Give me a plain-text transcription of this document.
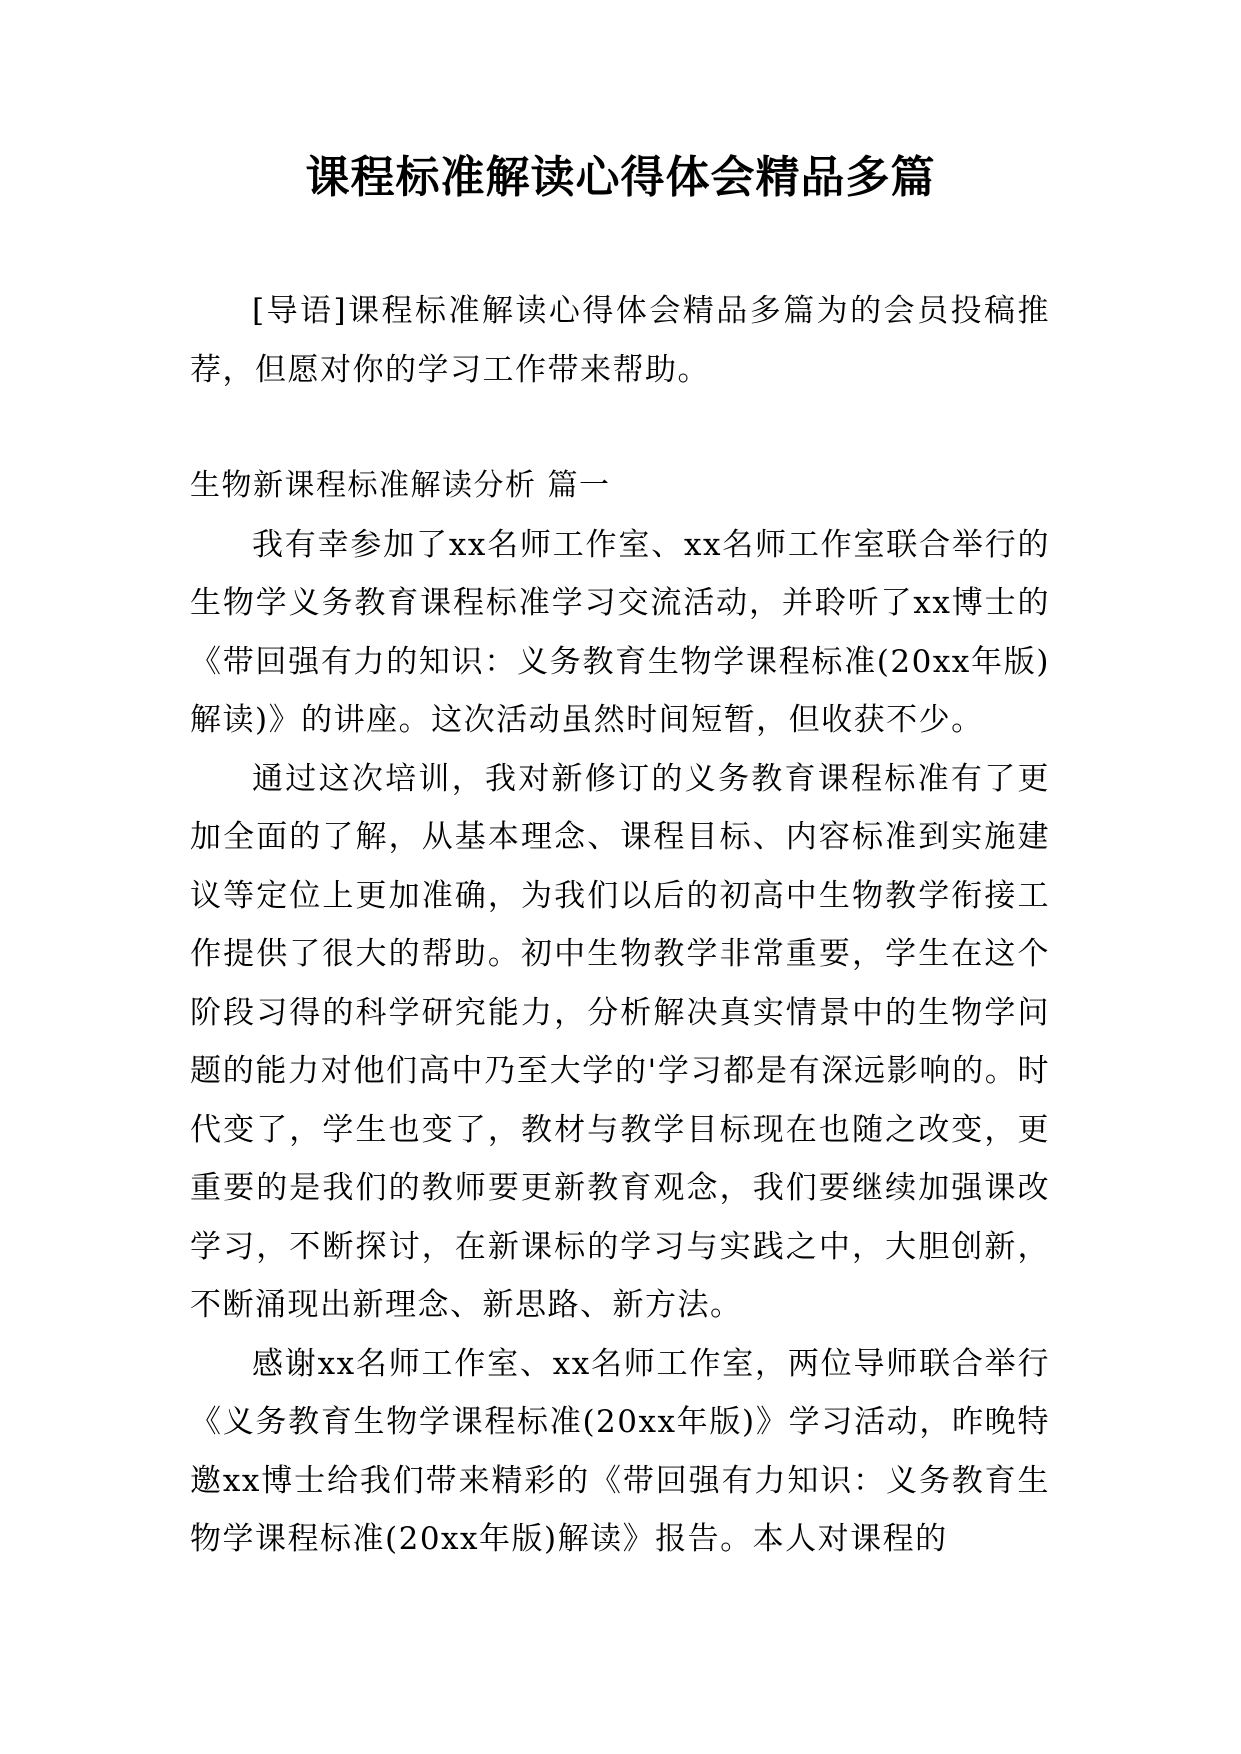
课程标准解读心得体会精品多篇

[导语]课程标准解读心得体会精品多篇为的会员投稿推荐，但愿对你的学习工作带来帮助。

生物新课程标准解读分析 篇一

我有幸参加了xx名师工作室、xx名师工作室联合举行的生物学义务教育课程标准学习交流活动，并聆听了xx博士的《带回强有力的知识：义务教育生物学课程标准(20xx年版)解读)》的讲座。这次活动虽然时间短暂，但收获不少。

通过这次培训，我对新修订的义务教育课程标准有了更加全面的了解，从基本理念、课程目标、内容标准到实施建议等定位上更加准确，为我们以后的初高中生物教学衔接工作提供了很大的帮助。初中生物教学非常重要，学生在这个阶段习得的科学研究能力，分析解决真实情景中的生物学问题的能力对他们高中乃至大学的'学习都是有深远影响的。时代变了，学生也变了，教材与教学目标现在也随之改变，更重要的是我们的教师要更新教育观念，我们要继续加强课改学习，不断探讨，在新课标的学习与实践之中，大胆创新，不断涌现出新理念、新思路、新方法。

感谢xx名师工作室、xx名师工作室，两位导师联合举行《义务教育生物学课程标准(20xx年版)》学习活动，昨晚特邀xx博士给我们带来精彩的《带回强有力知识：义务教育生物学课程标准(20xx年版)解读》报告。本人对课程的
